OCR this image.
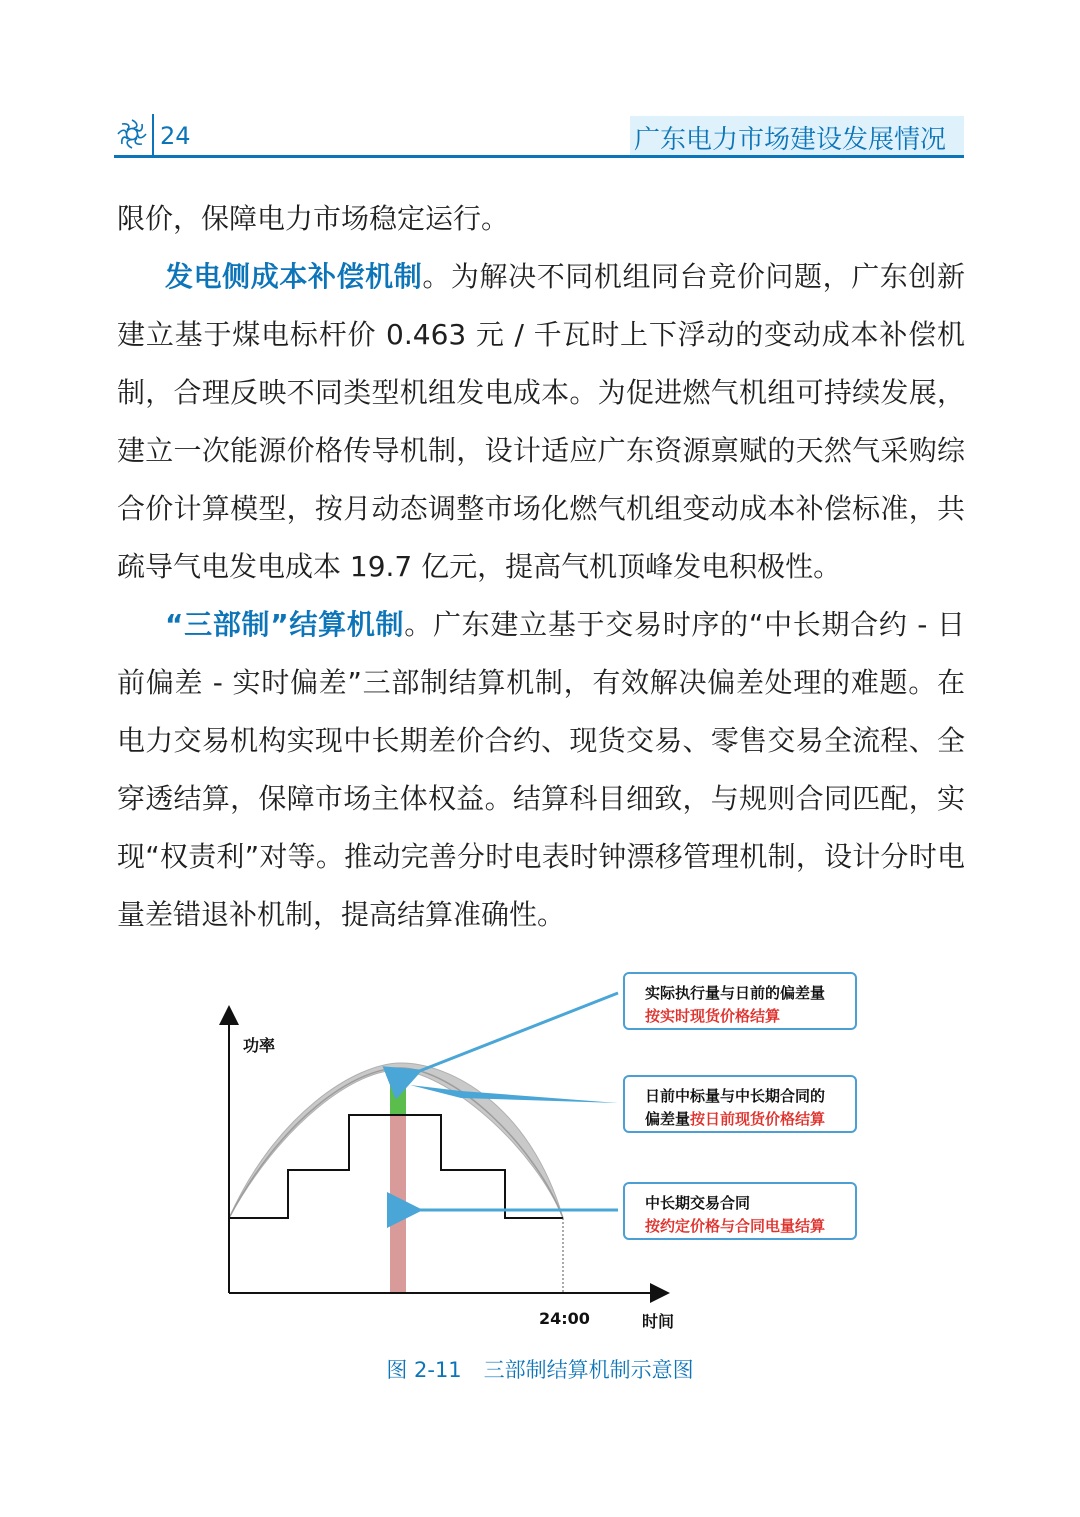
24	广东电力市场建设发展情况

限价，保障电力市场稳定运行。

发电侧成本补偿机制。为解决不同机组同台竞价问题，广东创新建立基于煤电标杆价 0.463 元 / 千瓦时上下浮动的变动成本补偿机制，合理反映不同类型机组发电成本。为促进燃气机组可持续发展，建立一次能源价格传导机制，设计适应广东资源禀赋的天然气采购综合价计算模型，按月动态调整市场化燃气机组变动成本补偿标准，共疏导气电发电成本 19.7 亿元，提高气机顶峰发电积极性。

“三部制”结算机制。广东建立基于交易时序的“中长期合约 - 日前偏差 - 实时偏差”三部制结算机制，有效解决偏差处理的难题。在电力交易机构实现中长期差价合约、现货交易、零售交易全流程、全穿透结算，保障市场主体权益。结算科目细致，与规则合同匹配，实现“权责利”对等。推动完善分时电表时钟漂移管理机制，设计分时电量差错退补机制，提高结算准确性。

功率
24:00	时间
实际执行量与日前的偏差量
按实时现货价格结算
日前中标量与中长期合同的
偏差量按日前现货价格结算
中长期交易合同
按约定价格与合同电量结算
图 2-11 三部制结算机制示意图
